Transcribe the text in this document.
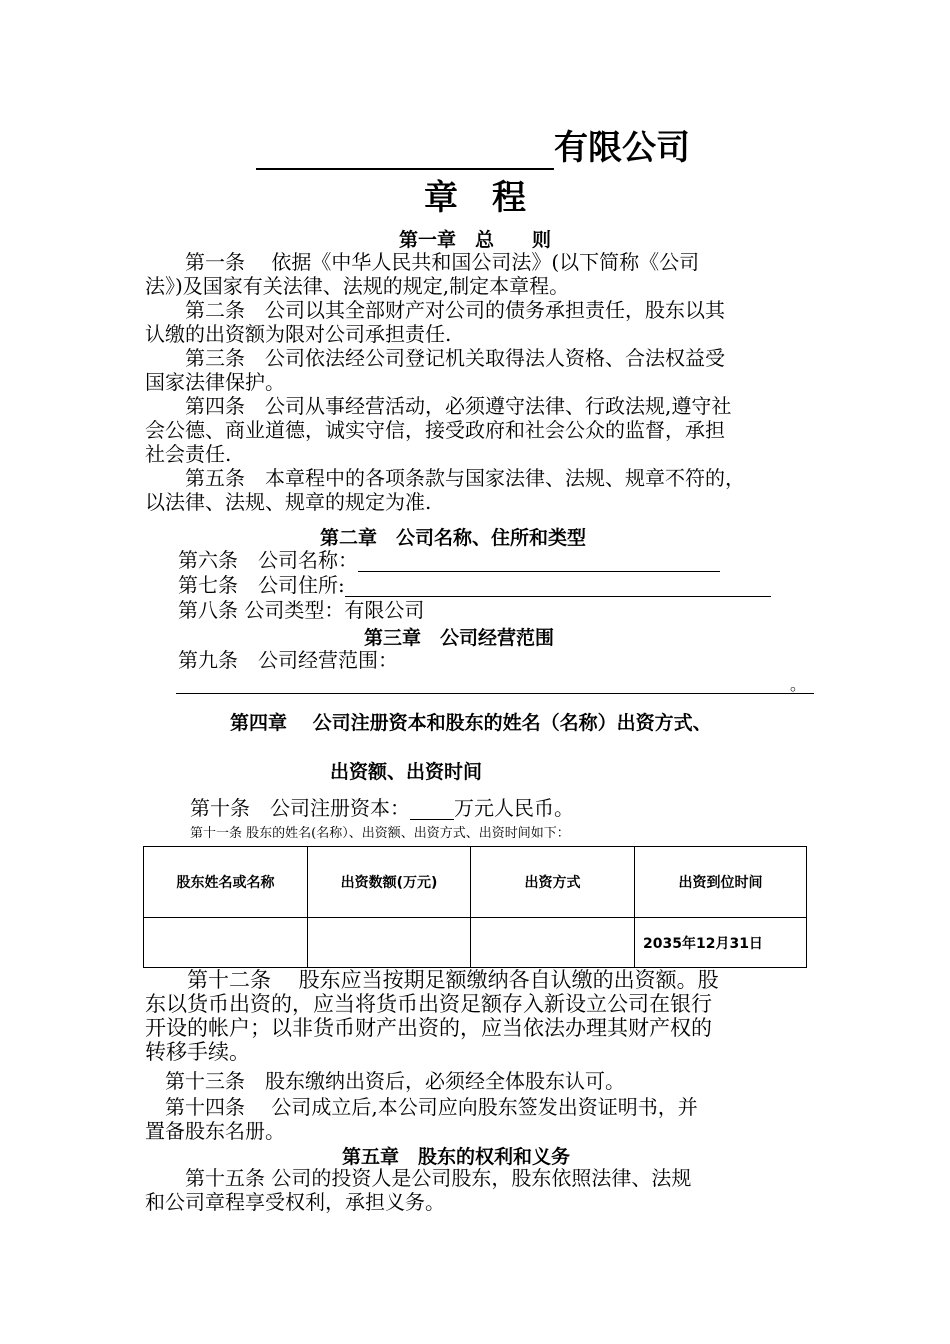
有限公司
章　程
第一章　总　　则
　　第一条　 依据《中华人民共和国公司法》(以下简称《公司
法》)及国家有关法律、法规的规定,制定本章程。
　　第二条　公司以其全部财产对公司的债务承担责任，股东以其
认缴的出资额为限对公司承担责任.
　　第三条　公司依法经公司登记机关取得法人资格、合法权益受
国家法律保护。
　　第四条　公司从事经营活动，必须遵守法律、行政法规,遵守社
会公德、商业道德，诚实守信，接受政府和社会公众的监督，承担
社会责任.
　　第五条　本章程中的各项条款与国家法律、法规、规章不符的，
以法律、法规、规章的规定为准.
第二章　公司名称、住所和类型
第六条　公司名称：
第七条　公司住所:
第八条 公司类型：有限公司
第三章　公司经营范围
第九条　公司经营范围：
。
第四章　 公司注册资本和股东的姓名（名称）出资方式、
出资额、出资时间
第十条　公司注册资本： 万元人民币。
第十一条 股东的姓名(名称）、出资额、出资方式、出资时间如下：
股东姓名或名称	出资数额(万元)	出资方式	出资到位时间
			2035年12月31日
　　第十二条　 股东应当按期足额缴纳各自认缴的出资额。股
东以货币出资的，应当将货币出资足额存入新设立公司在银行
开设的帐户；以非货币财产出资的，应当依法办理其财产权的
转移手续。
　第十三条　股东缴纳出资后，必须经全体股东认可。
　第十四条　 公司成立后,本公司应向股东签发出资证明书，并
置备股东名册。
第五章　股东的权利和义务
　　第十五条 公司的投资人是公司股东，股东依照法律、法规
和公司章程享受权利，承担义务。
